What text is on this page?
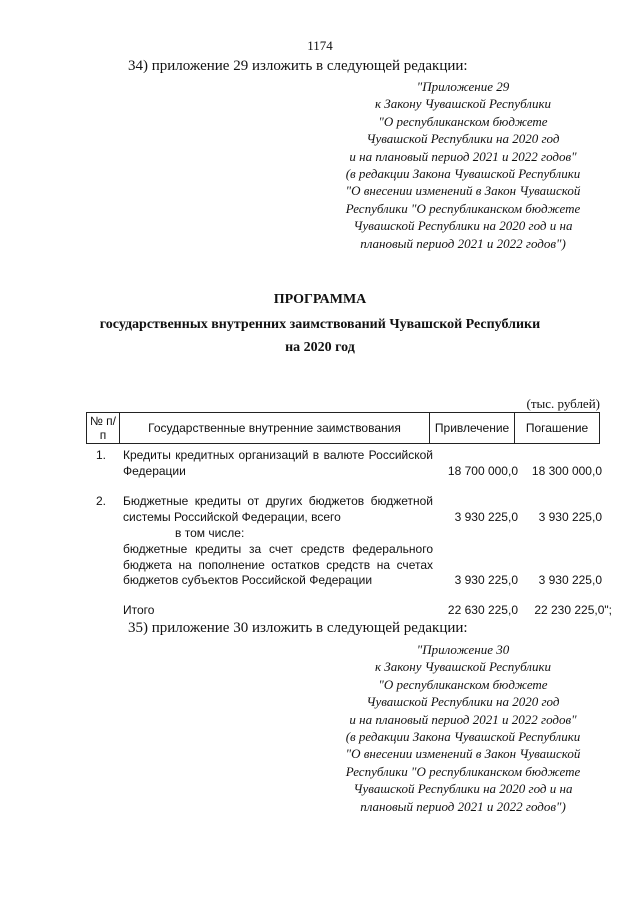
1174
34) приложение 29 изложить в следующей редакции:
"Приложение 29
к Закону Чувашской Республики
"О республиканском бюджете
Чувашской Республики на 2020 год
и на плановый период 2021 и 2022 годов"
(в редакции Закона Чувашской Республики
"О внесении изменений в Закон Чувашской
Республики "О республиканском бюджете
Чувашской Республики на 2020 год и на
плановый период 2021 и 2022 годов")
ПРОГРАММА
государственных внутренних заимствований Чувашской Республики
на 2020 год
(тыс. рублей)
№ п/п	Государственные внутренние заимствования	Привлечение	Погашение
1.	Кредиты кредитных организаций в валюте Российской Федерации	18 700 000,0	18 300 000,0
2.	Бюджетные кредиты от других бюджетов бюджетной системы Российской Федерации, всего	3 930 225,0	3 930 225,0
в том числе:
бюджетные кредиты за счет средств федерального бюджета на пополнение остатков средств на счетах бюджетов субъектов Российской Федерации	3 930 225,0	3 930 225,0
Итого	22 630 225,0	22 230 225,0";
35) приложение 30 изложить в следующей редакции:
"Приложение 30
к Закону Чувашской Республики
"О республиканском бюджете
Чувашской Республики на 2020 год
и на плановый период 2021 и 2022 годов"
(в редакции Закона Чувашской Республики
"О внесении изменений в Закон Чувашской
Республики "О республиканском бюджете
Чувашской Республики на 2020 год и на
плановый период 2021 и 2022 годов")
